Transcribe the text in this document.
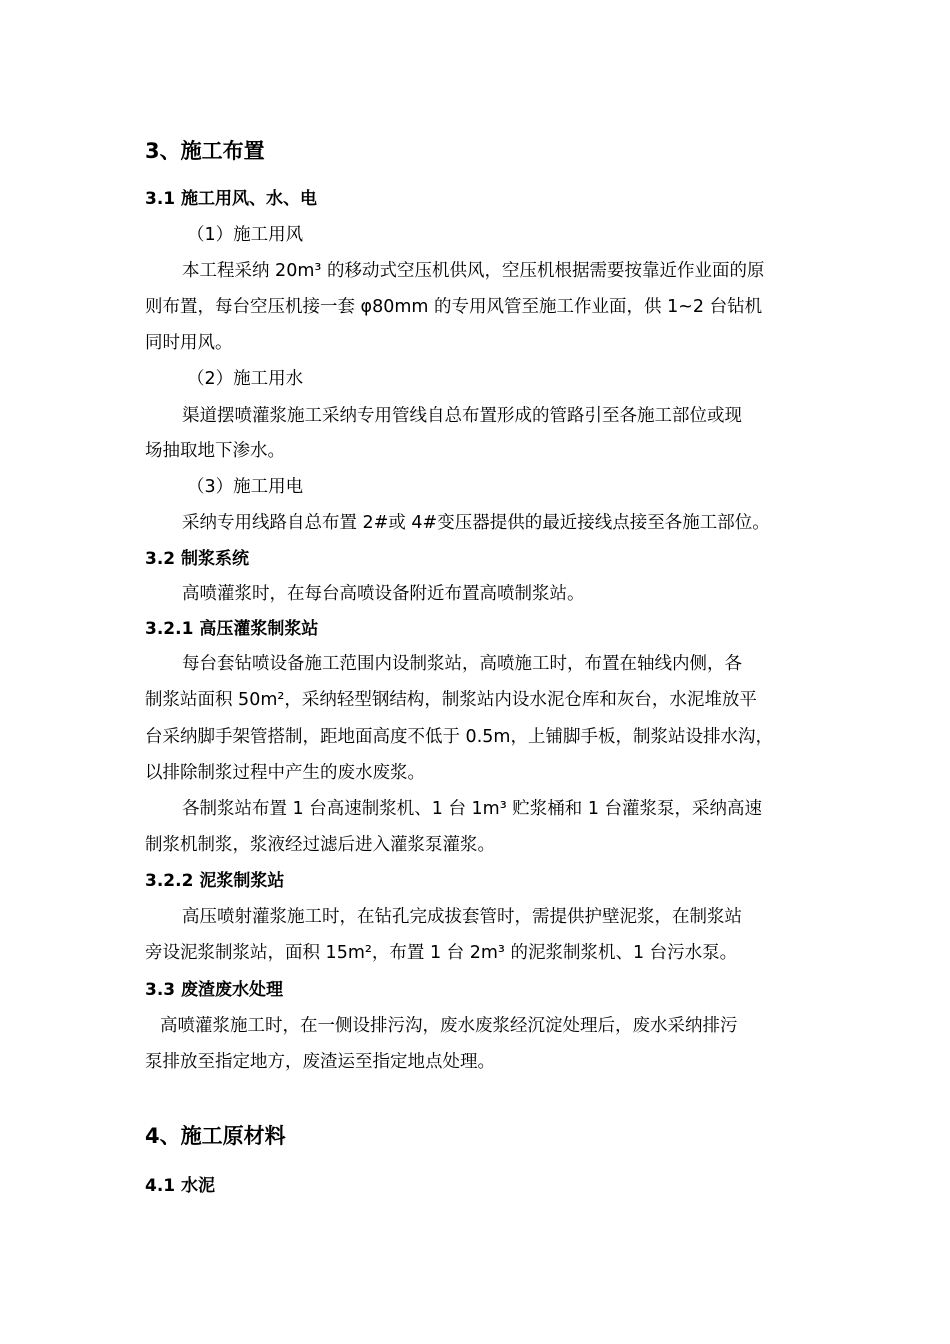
3、施工布置
3.1 施工用风、水、电
（1）施工用风
本工程采纳 20m³ 的移动式空压机供风，空压机根据需要按靠近作业面的原
则布置，每台空压机接一套 φ80mm 的专用风管至施工作业面，供 1~2 台钻机
同时用风。
（2）施工用水
渠道摆喷灌浆施工采纳专用管线自总布置形成的管路引至各施工部位或现
场抽取地下渗水。
（3）施工用电
采纳专用线路自总布置 2#或 4#变压器提供的最近接线点接至各施工部位。
3.2 制浆系统
高喷灌浆时，在每台高喷设备附近布置高喷制浆站。
3.2.1 高压灌浆制浆站
每台套钻喷设备施工范围内设制浆站，高喷施工时，布置在轴线内侧，各
制浆站面积 50m²，采纳轻型钢结构，制浆站内设水泥仓库和灰台，水泥堆放平
台采纳脚手架管搭制，距地面高度不低于 0.5m，上铺脚手板，制浆站设排水沟，
以排除制浆过程中产生的废水废浆。
各制浆站布置 1 台高速制浆机、1 台 1m³ 贮浆桶和 1 台灌浆泵，采纳高速
制浆机制浆，浆液经过滤后进入灌浆泵灌浆。
3.2.2 泥浆制浆站
高压喷射灌浆施工时，在钻孔完成拔套管时，需提供护壁泥浆，在制浆站
旁设泥浆制浆站，面积 15m²，布置 1 台 2m³ 的泥浆制浆机、1 台污水泵。
3.3 废渣废水处理
高喷灌浆施工时，在一侧设排污沟，废水废浆经沉淀处理后，废水采纳排污
泵排放至指定地方，废渣运至指定地点处理。
4、施工原材料
4.1 水泥
